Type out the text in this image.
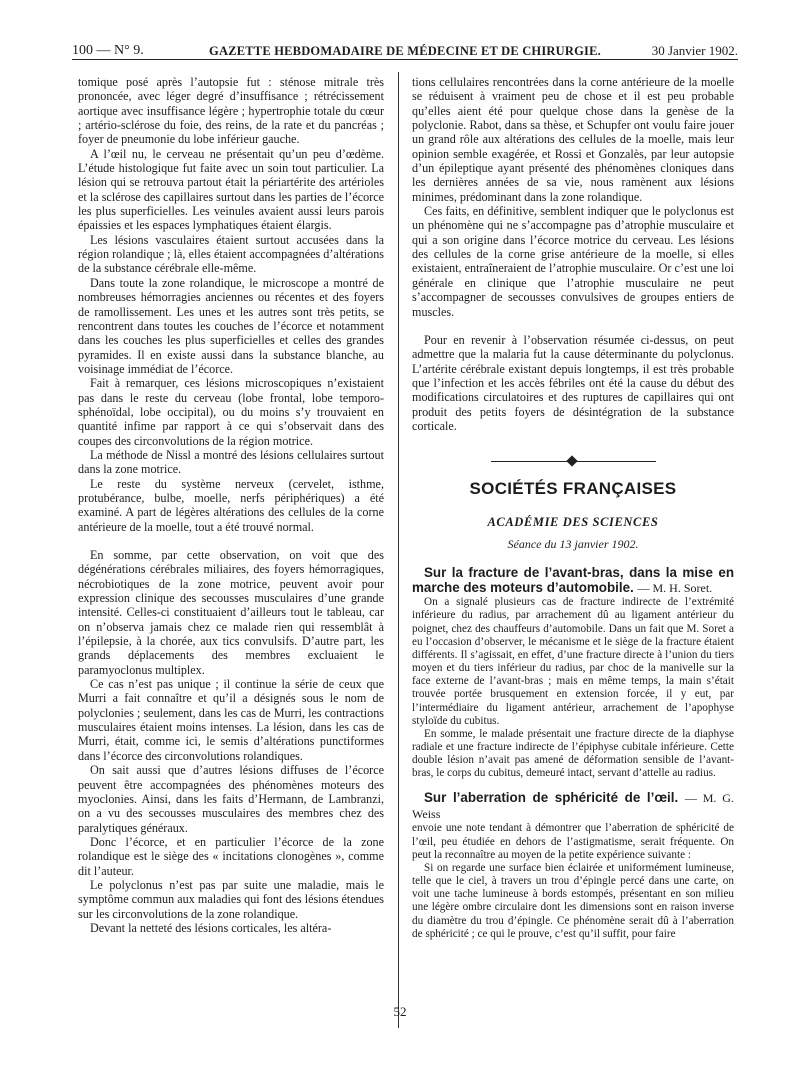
100 — N° 9.	GAZETTE HEBDOMADAIRE DE MÉDECINE ET DE CHIRURGIE.	30 Janvier 1902.

tomique posé après l’autopsie fut : sténose mitrale très prononcée, avec léger degré d’insuffisance ; rétrécissement aortique avec insuffisance légère ; hypertrophie totale du cœur ; artério-sclérose du foie, des reins, de la rate et du pancréas ; foyer de pneumonie du lobe inférieur gauche.

A l’œil nu, le cerveau ne présentait qu’un peu d’œdème. L’étude histologique fut faite avec un soin tout particulier. La lésion qui se retrouva partout était la périartérite des artérioles et la sclérose des capillaires surtout dans les parties de l’écorce les plus superficielles. Les veinules avaient aussi leurs parois épaissies et les espaces lymphatiques étaient élargis.

Les lésions vasculaires étaient surtout accusées dans la région rolandique ; là, elles étaient accompagnées d’altérations de la substance cérébrale elle-même.

Dans toute la zone rolandique, le microscope a montré de nombreuses hémorragies anciennes ou récentes et des foyers de ramollissement. Les unes et les autres sont très petits, se rencontrent dans toutes les couches de l’écorce et notamment dans les couches les plus superficielles et celles des grandes pyramides. Il en existe aussi dans la substance blanche, au voisinage immédiat de l’écorce.

Fait à remarquer, ces lésions microscopiques n’existaient pas dans le reste du cerveau (lobe frontal, lobe temporo-sphénoïdal, lobe occipital), ou du moins s’y trouvaient en quantité infime par rapport à ce qui s’observait dans des coupes des circonvolutions de la région motrice.

La méthode de Nissl a montré des lésions cellulaires surtout dans la zone motrice.

Le reste du système nerveux (cervelet, isthme, protubérance, bulbe, moelle, nerfs périphériques) a été examiné. A part de légères altérations des cellules de la corne antérieure de la moelle, tout a été trouvé normal.

En somme, par cette observation, on voit que des dégénérations cérébrales miliaires, des foyers hémorragiques, nécrobiotiques de la zone motrice, peuvent avoir pour expression clinique des secousses musculaires d’une grande intensité. Celles-ci constituaient d’ailleurs tout le tableau, car on n’observa jamais chez ce malade rien qui ressemblât à l’épilepsie, à la chorée, aux tics convulsifs. D’autre part, les grands déplacements des membres excluaient le paramyoclonus multiplex.

Ce cas n’est pas unique ; il continue la série de ceux que Murri a fait connaître et qu’il a désignés sous le nom de polyclonies ; seulement, dans les cas de Murri, les contractions musculaires étaient moins intenses. La lésion, dans les cas de Murri, était, comme ici, le semis d’altérations punctiformes dans l’écorce des circonvolutions rolandiques.

On sait aussi que d’autres lésions diffuses de l’écorce peuvent être accompagnées des phénomènes moteurs des myoclonies. Ainsi, dans les faits d’Hermann, de Lambranzi, on a vu des secousses musculaires des membres chez des paralytiques généraux.

Donc l’écorce, et en particulier l’écorce de la zone rolandique est le siège des « incitations clonogènes », comme dit l’auteur.

Le polyclonus n’est pas par suite une maladie, mais le symptôme commun aux maladies qui font des lésions étendues sur les circonvolutions de la zone rolandique.

Devant la netteté des lésions corticales, les altéra-

tions cellulaires rencontrées dans la corne antérieure de la moelle se réduisent à vraiment peu de chose et il est peu probable qu’elles aient été pour quelque chose dans la genèse de la polyclonie. Rabot, dans sa thèse, et Schupfer ont voulu faire jouer un grand rôle aux altérations des cellules de la moelle, mais leur opinion semble exagérée, et Rossi et Gonzalès, par leur autopsie d’un épileptique ayant présenté des phénomènes cloniques dans les dernières années de sa vie, nous ramènent aux lésions minimes, prédominant dans la zone rolandique.

Ces faits, en définitive, semblent indiquer que le polyclonus est un phénomène qui ne s’accompagne pas d’atrophie musculaire et qui a son origine dans l’écorce motrice du cerveau. Les lésions des cellules de la corne grise antérieure de la moelle, si elles existaient, entraîneraient de l’atrophie musculaire. Or c’est une loi générale en clinique que l’atrophie musculaire ne peut s’accompagner de secousses convulsives de groupes entiers de muscles.

Pour en revenir à l’observation résumée ci-dessus, on peut admettre que la malaria fut la cause déterminante du polyclonus. L’artérite cérébrale existant depuis longtemps, il est très probable que l’infection et les accès fébriles ont été la cause du début des modifications circulatoires et des ruptures de capillaires qui ont produit des petits foyers de désintégration de la substance corticale.

SOCIÉTÉS FRANÇAISES
ACADÉMIE DES SCIENCES
Séance du 13 janvier 1902.

Sur la fracture de l’avant-bras, dans la mise en marche des moteurs d’automobile. — M. H. Soret.

On a signalé plusieurs cas de fracture indirecte de l’extrémité inférieure du radius, par arrachement dû au ligament antérieur du poignet, chez des chauffeurs d’automobile. Dans un fait que M. Soret a eu l’occasion d’observer, le mécanisme et le siège de la fracture étaient différents. Il s’agissait, en effet, d’une fracture directe à l’union du tiers moyen et du tiers inférieur du radius, par choc de la manivelle sur la face externe de l’avant-bras ; mais en même temps, la main s’était trouvée portée brusquement en extension forcée, il y eut, par l’intermédiaire du ligament antérieur, arrachement de l’apophyse styloïde du cubitus.

En somme, le malade présentait une fracture directe de la diaphyse radiale et une fracture indirecte de l’épiphyse cubitale inférieure. Cette double lésion n’avait pas amené de déformation sensible de l’avant-bras, le corps du cubitus, demeuré intact, servant d’attelle au radius.

Sur l’aberration de sphéricité de l’œil. — M. G. Weiss

envoie une note tendant à démontrer que l’aberration de sphéricité de l’œil, peu étudiée en dehors de l’astigmatisme, serait fréquente. On peut la reconnaître au moyen de la petite expérience suivante :

Si on regarde une surface bien éclairée et uniformément lumineuse, telle que le ciel, à travers un trou d’épingle percé dans une carte, on voit une tache lumineuse à bords estompés, présentant en son milieu une légère ombre circulaire dont les dimensions sont en raison inverse du diamètre du trou d’épingle. Ce phénomène serait dû à l’aberration de sphéricité ; ce qui le prouve, c’est qu’il suffit, pour faire

52
